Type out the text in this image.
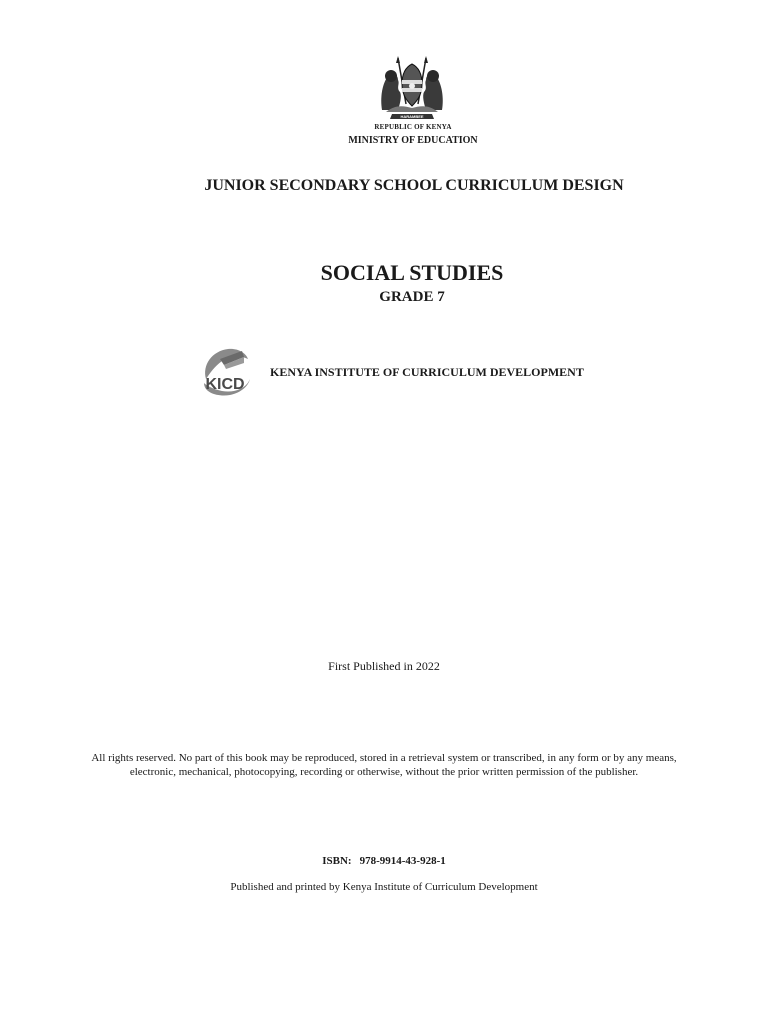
HARAMBEE
REPUBLIC OF KENYA
MINISTRY OF EDUCATION
JUNIOR SECONDARY SCHOOL CURRICULUM DESIGN
SOCIAL STUDIES
GRADE 7
KICD
KENYA INSTITUTE OF CURRICULUM DEVELOPMENT
First Published in 2022
All rights reserved. No part of this book may be reproduced, stored in a retrieval system or transcribed, in any form or by any means,
electronic, mechanical, photocopying, recording or otherwise, without the prior written permission of the publisher.
ISBN: 978-9914-43-928-1
Published and printed by Kenya Institute of Curriculum Development
